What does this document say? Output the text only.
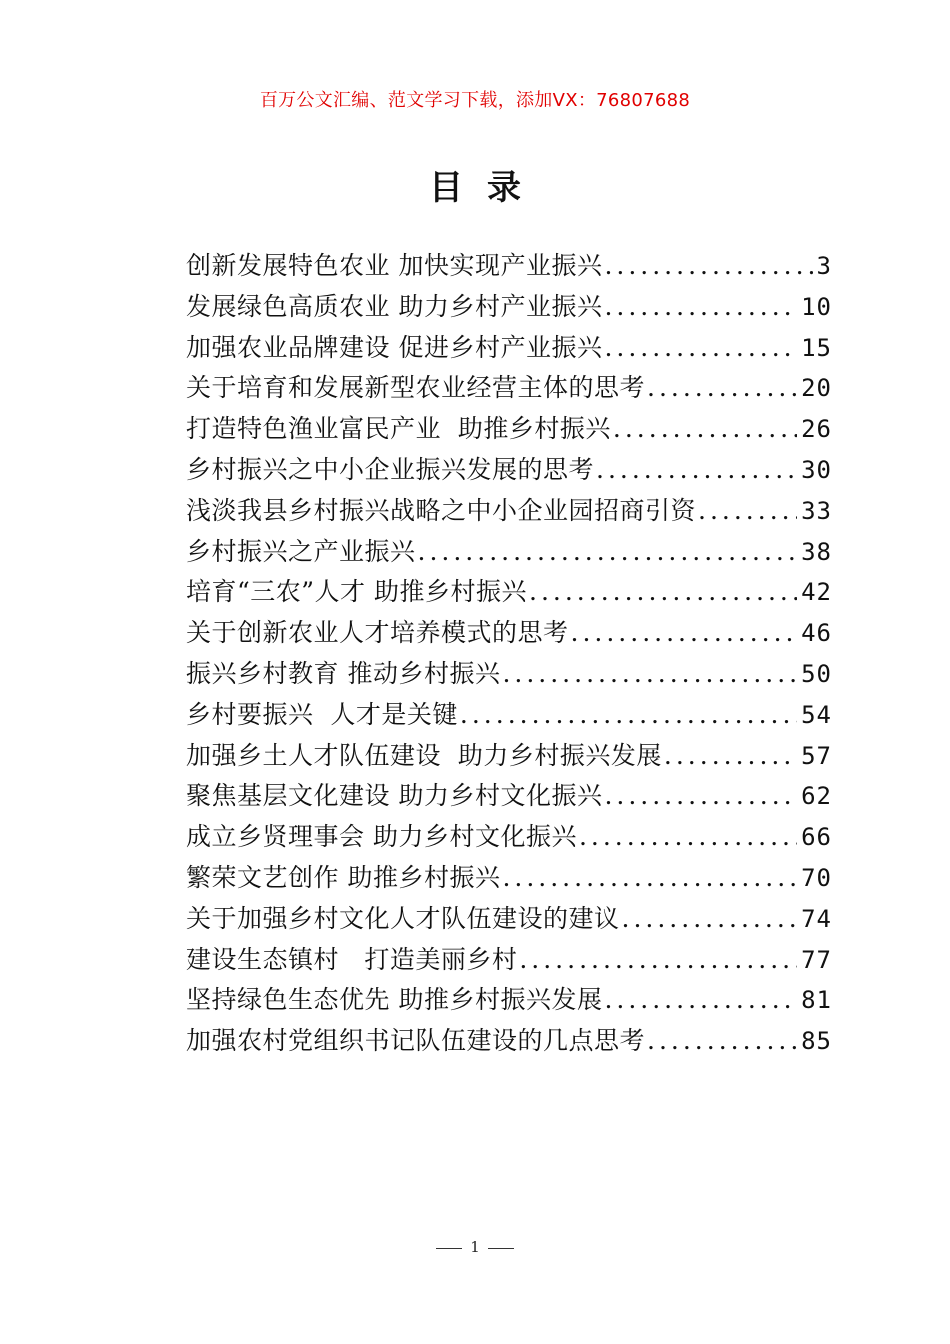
百万公文汇编、范文学习下载，添加VX：76807688
目录
创新发展特色农业 加快实现产业振兴 .....	3
发展绿色高质农业 助力乡村产业振兴 .....	10
加强农业品牌建设 促进乡村产业振兴 .....	15
关于培育和发展新型农业经营主体的思考 .....	20
打造特色渔业富民产业  助推乡村振兴 .....	26
乡村振兴之中小企业振兴发展的思考 .....	30
浅淡我县乡村振兴战略之中小企业园招商引资 .....	33
乡村振兴之产业振兴 .....	38
培育“三农”人才 助推乡村振兴 .....	42
关于创新农业人才培养模式的思考 .....	46
振兴乡村教育 推动乡村振兴 .....	50
乡村要振兴  人才是关键 .....	54
加强乡土人才队伍建设  助力乡村振兴发展 .....	57
聚焦基层文化建设 助力乡村文化振兴 .....	62
成立乡贤理事会 助力乡村文化振兴 .....	66
繁荣文艺创作 助推乡村振兴 .....	70
关于加强乡村文化人才队伍建设的建议 .....	74
建设生态镇村   打造美丽乡村 .....	77
坚持绿色生态优先 助推乡村振兴发展 .....	81
加强农村党组织书记队伍建设的几点思考 .....	85
1
